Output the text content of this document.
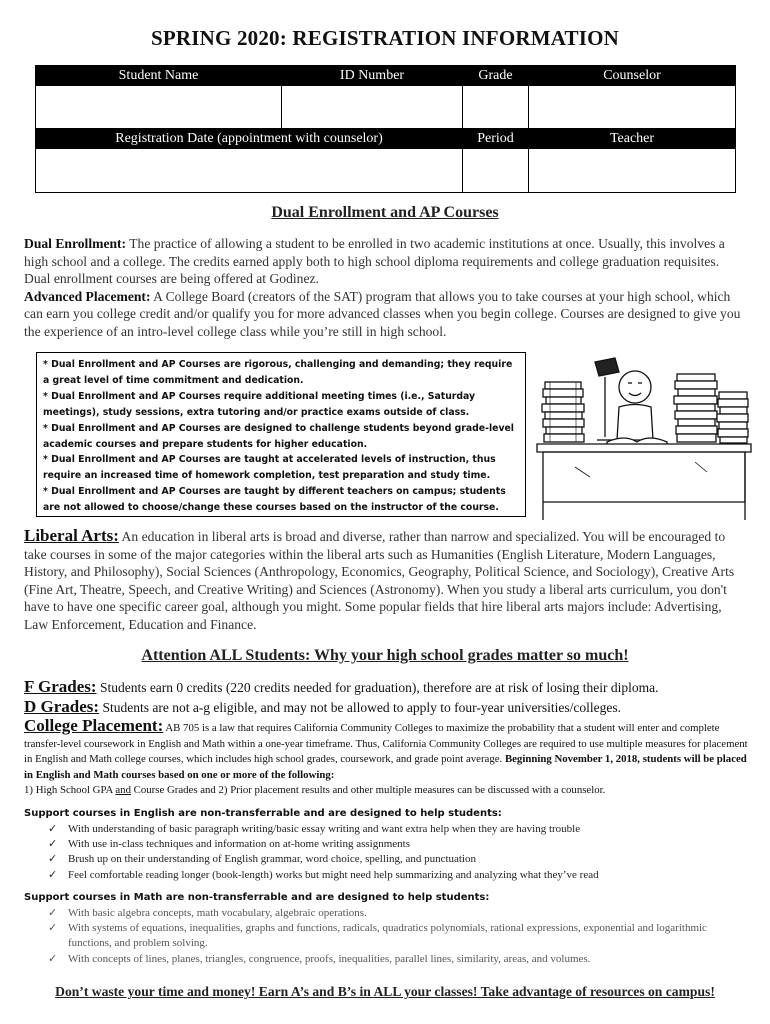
SPRING 2020: REGISTRATION INFORMATION
Student Name	ID Number	Grade	Counselor

Registration Date (appointment with counselor)		Period	Teacher

Dual Enrollment and AP Courses
Dual Enrollment: The practice of allowing a student to be enrolled in two academic institutions at once. Usually, this involves a high school and a college. The credits earned apply both to high school diploma requirements and college graduation requisites. Dual enrollment courses are being offered at Godinez.
Advanced Placement: A College Board (creators of the SAT) program that allows you to take courses at your high school, which can earn you college credit and/or qualify you for more advanced classes when you begin college. Courses are designed to give you the experience of an intro-level college class while you’re still in high school.

* Dual Enrollment and AP Courses are rigorous, challenging and demanding; they require a great level of time commitment and dedication.

* Dual Enrollment and AP Courses require additional meeting times (i.e., Saturday meetings), study sessions, extra tutoring and/or practice exams outside of class.

* Dual Enrollment and AP Courses are designed to challenge students beyond grade-level academic courses and prepare students for higher education.

* Dual Enrollment and AP Courses are taught at accelerated levels of instruction, thus require an increased time of homework completion, test preparation and study time.

* Dual Enrollment and AP Courses are taught by different teachers on campus; students are not allowed to choose/change these courses based on the instructor of the course.

Liberal Arts: An education in liberal arts is broad and diverse, rather than narrow and specialized. You will be encouraged to take courses in some of the major categories within the liberal arts such as Humanities (English Literature, Modern Languages, History, and Philosophy), Social Sciences (Anthropology, Economics, Geography, Political Science, and Sociology), Creative Arts (Fine Art, Theatre, Speech, and Creative Writing) and Sciences (Astronomy). When you study a liberal arts curriculum, you don't have to have one specific career goal, although you might. Some popular fields that hire liberal arts majors include: Advertising, Law Enforcement, Education and Finance.
Attention ALL Students: Why your high school grades matter so much!
F Grades: Students earn 0 credits (220 credits needed for graduation), therefore are at risk of losing their diploma.
D Grades: Students are not a-g eligible, and may not be allowed to apply to four-year universities/colleges.
College Placement: AB 705 is a law that requires California Community Colleges to maximize the probability that a student will enter and complete transfer-level coursework in English and Math within a one-year timeframe. Thus, California Community Colleges are required to use multiple measures for placement in English and Math college courses, which includes high school grades, coursework, and grade point average. Beginning November 1, 2018, students will be placed in English and Math courses based on one or more of the following:
1) High School GPA and Course Grades and 2) Prior placement results and other multiple measures can be discussed with a counselor.
Support courses in English are non-transferrable and are designed to help students:
✓ With understanding of basic paragraph writing/basic essay writing and want extra help when they are having trouble
✓ With use in-class techniques and information on at-home writing assignments
✓ Brush up on their understanding of English grammar, word choice, spelling, and punctuation
✓ Feel comfortable reading longer (book-length) works but might need help summarizing and analyzing what they’ve read
Support courses in Math are non-transferrable and are designed to help students:
✓ With basic algebra concepts, math vocabulary, algebraic operations.
✓ With systems of equations, inequalities, graphs and functions, radicals, quadratics polynomials, rational expressions, exponential and logarithmic functions, and problem solving.
✓ With concepts of lines, planes, triangles, congruence, proofs, inequalities, parallel lines, similarity, areas, and volumes.
Don’t waste your time and money! Earn A’s and B’s in ALL your classes! Take advantage of resources on campus!
